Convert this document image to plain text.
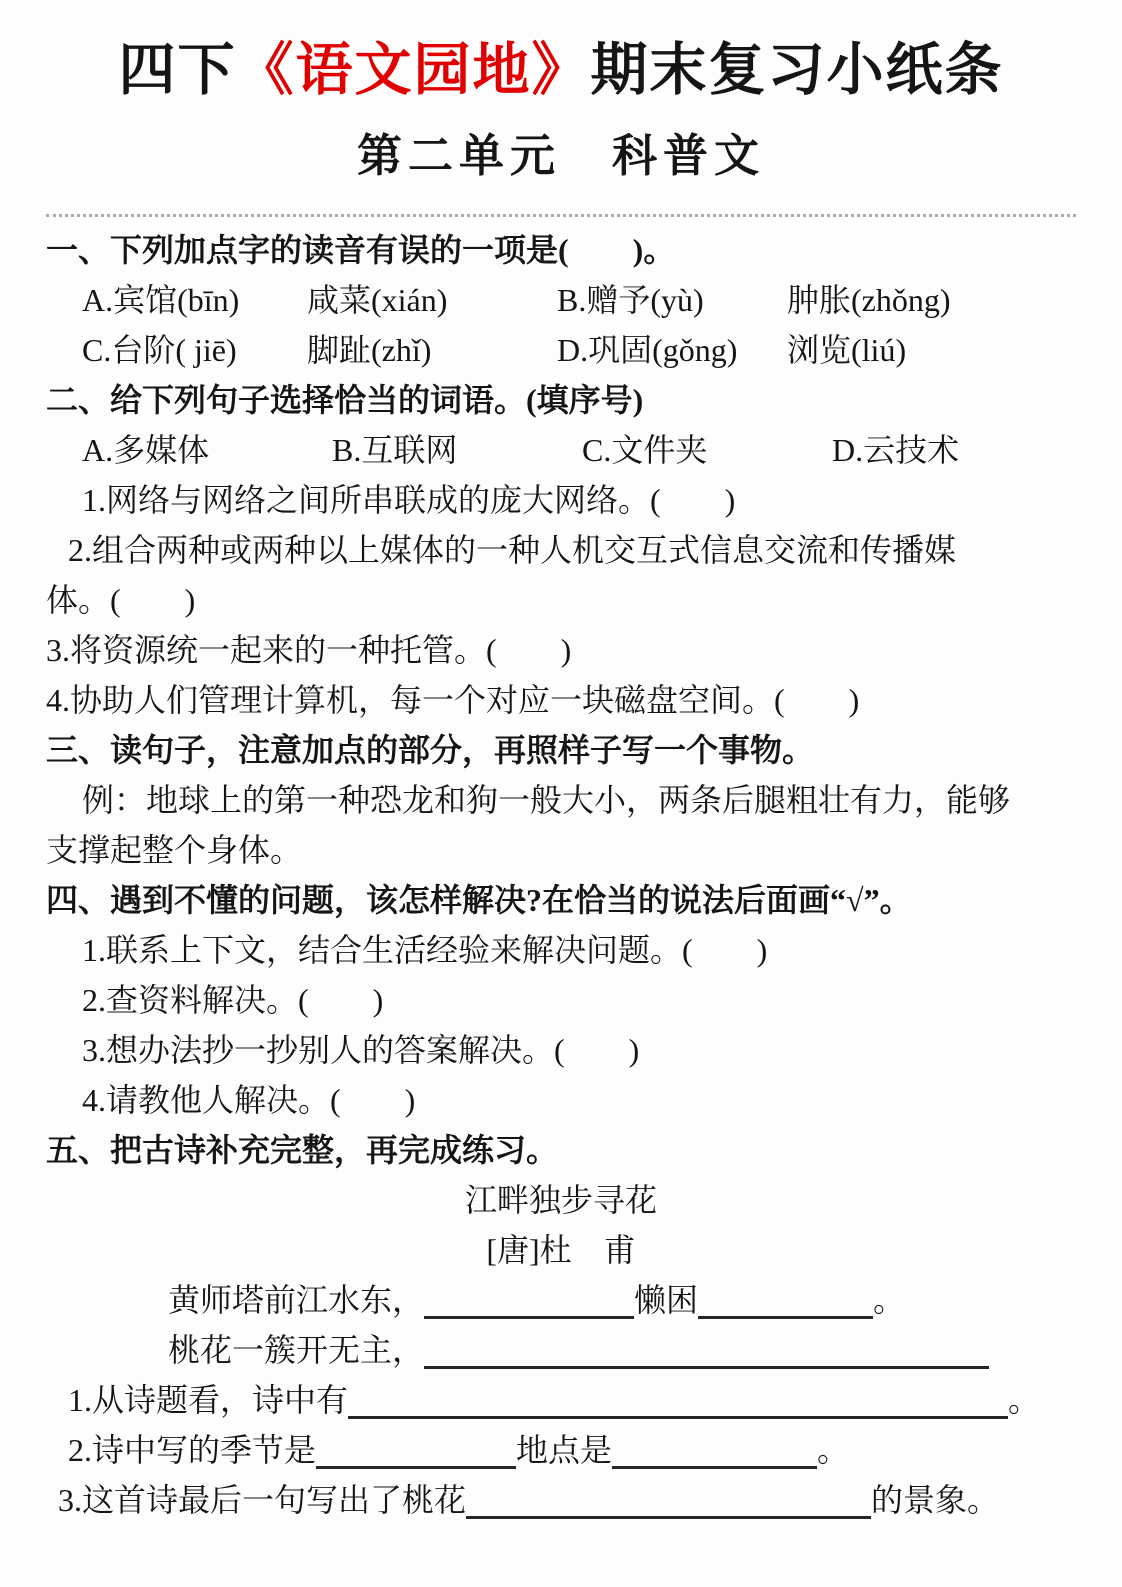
四下《语文园地》期末复习小纸条
第二单元　科普文
一、下列加点字的读音有误的一项是(　　)。
A.宾馆(bīn)	咸菜(xián)	B.赠予(yù)	肿胀(zhǒng)
C.台阶( jiē)	脚趾(zhǐ)	D.巩固(gǒng)	浏览(liú)
二、给下列句子选择恰当的词语。(填序号)
A.多媒体	B.互联网	C.文件夹	D.云技术
1.网络与网络之间所串联成的庞大网络。(　　)
2.组合两种或两种以上媒体的一种人机交互式信息交流和传播媒
体。(　　)
3.将资源统一起来的一种托管。(　　)
4.协助人们管理计算机，每一个对应一块磁盘空间。(　　)
三、读句子，注意加点的部分，再照样子写一个事物。
例：地球上的第一种恐龙和狗一般大小，两条后腿粗壮有力，能够
支撑起整个身体。
四、遇到不懂的问题，该怎样解决?在恰当的说法后面画“√”。
1.联系上下文，结合生活经验来解决问题。(　　)
2.查资料解决。(　　)
3.想办法抄一抄别人的答案解决。(　　)
4.请教他人解决。(　　)
五、把古诗补充完整，再完成练习。
江畔独步寻花
[唐]杜　甫
黄师塔前江水东，	懒困	。
桃花一簇开无主，
1.从诗题看，诗中有	。
2.诗中写的季节是	地点是	。
3.这首诗最后一句写出了桃花	的景象。
